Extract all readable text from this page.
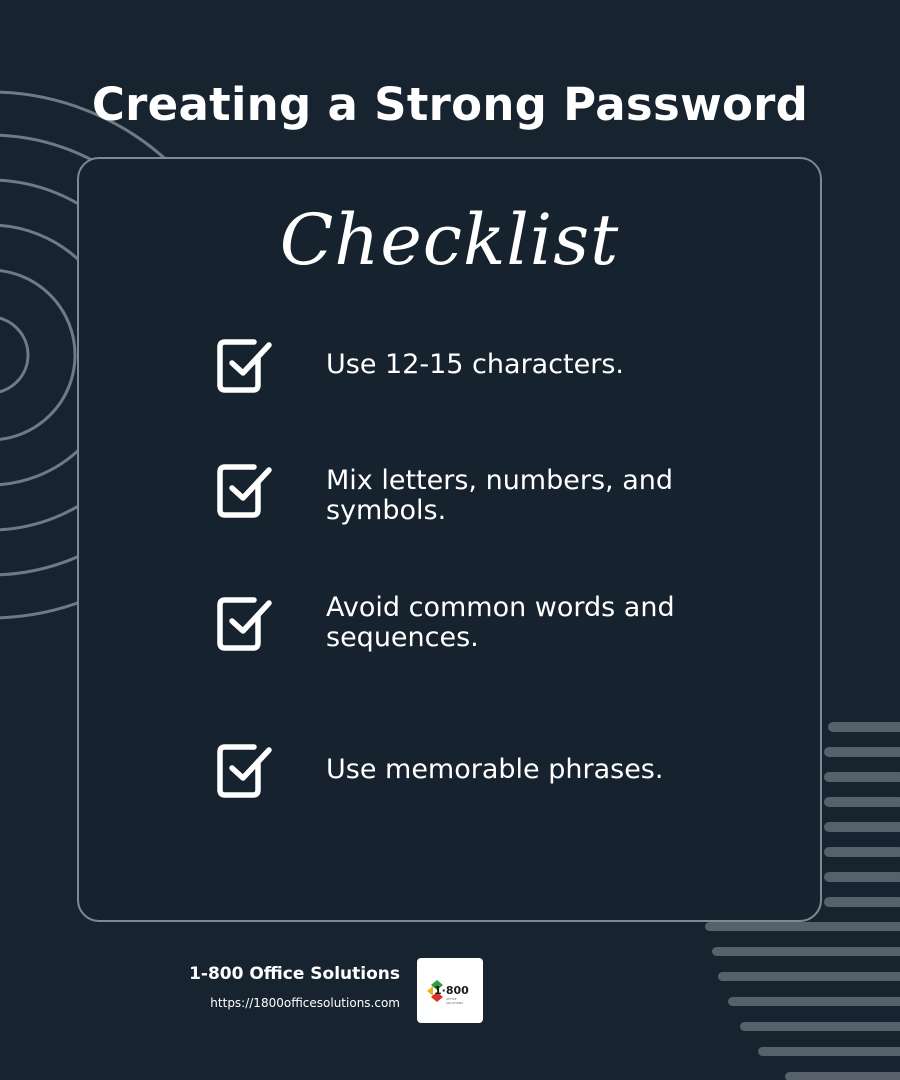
Creating a Strong Password
Checklist
Use 12-15 characters.
Mix letters, numbers, and symbols.
Avoid common words and sequences.
Use memorable phrases.
1-800 Office Solutions
https://1800officesolutions.com
1·800
OFFICE
SOLUTIONS
